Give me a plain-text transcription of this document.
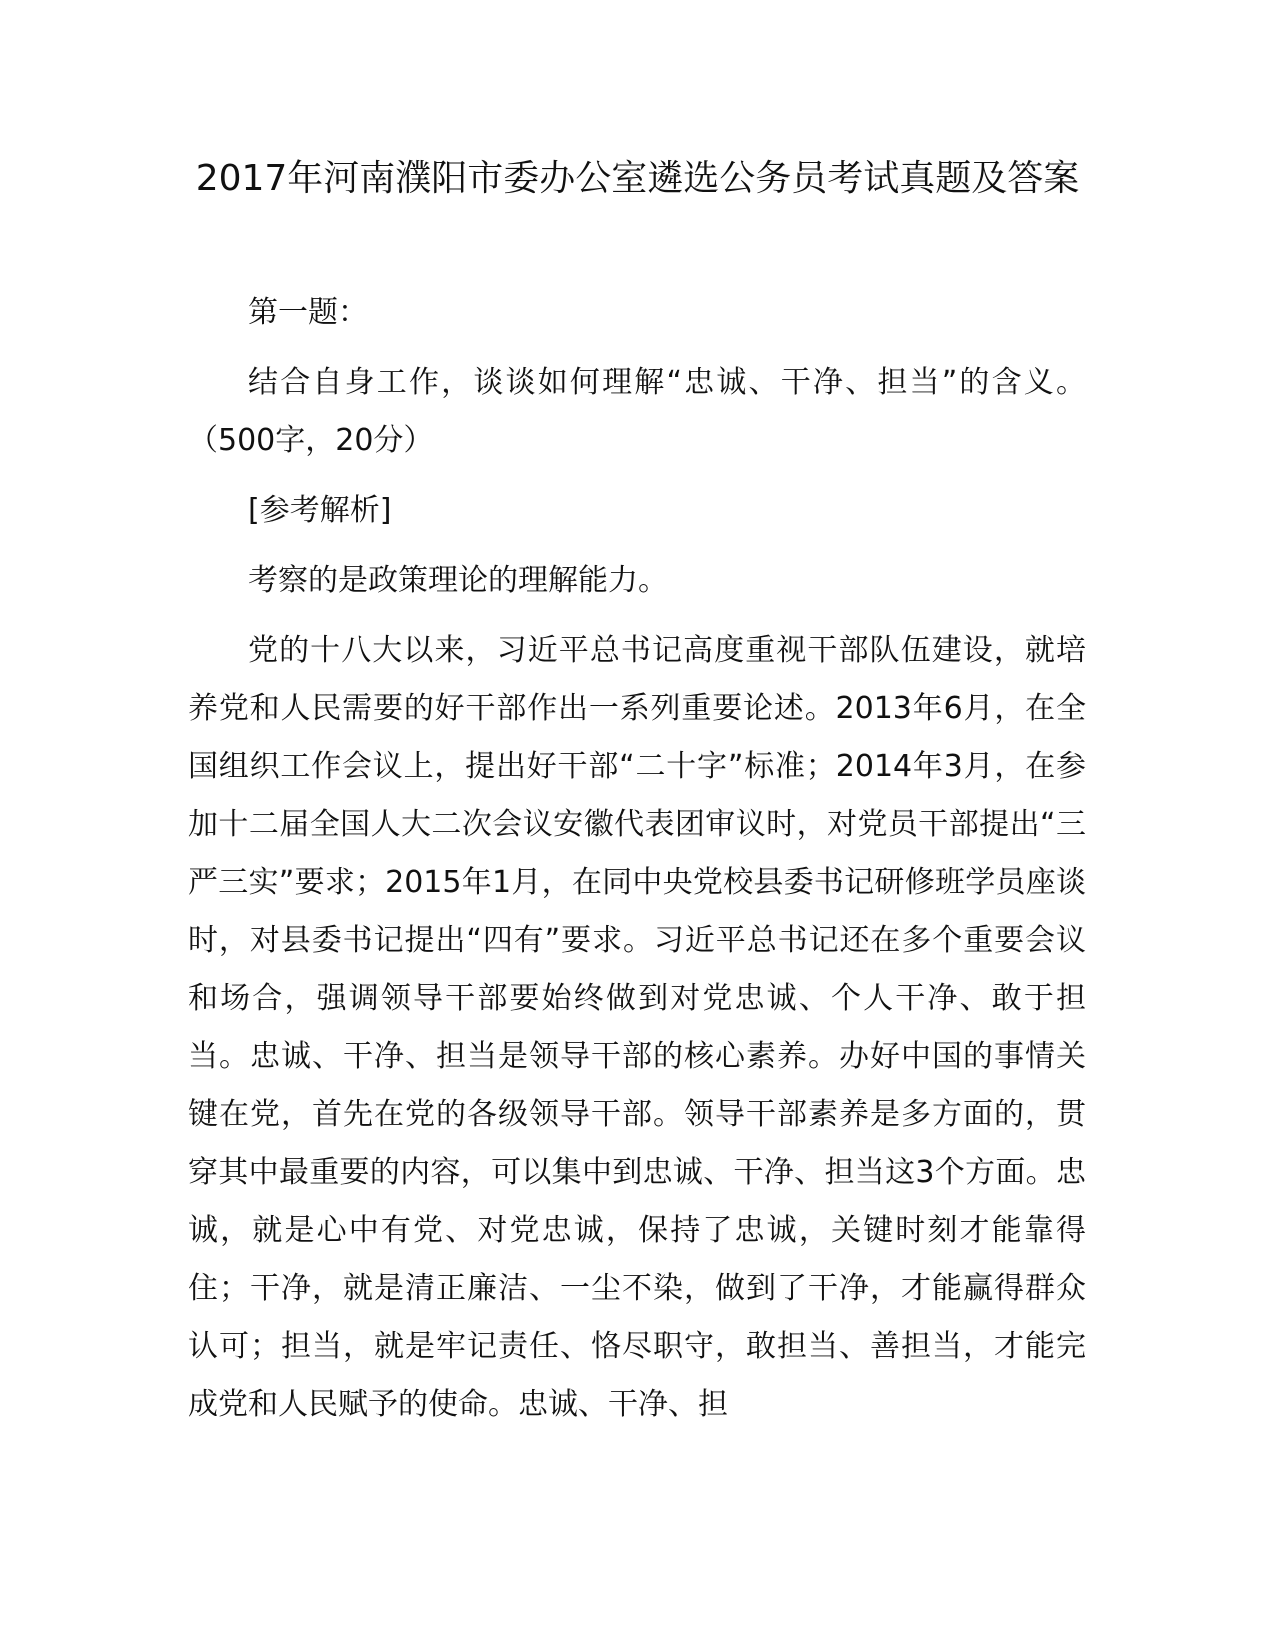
2017年河南濮阳市委办公室遴选公务员考试真题及答案

第一题：

结合自身工作，谈谈如何理解“忠诚、干净、担当”的含义。（500字，20分）

[参考解析]

考察的是政策理论的理解能力。

党的十八大以来，习近平总书记高度重视干部队伍建设，就培养党和人民需要的好干部作出一系列重要论述。2013年6月，在全国组织工作会议上，提出好干部“二十字”标准；2014年3月，在参加十二届全国人大二次会议安徽代表团审议时，对党员干部提出“三严三实”要求；2015年1月，在同中央党校县委书记研修班学员座谈时，对县委书记提出“四有”要求。习近平总书记还在多个重要会议和场合，强调领导干部要始终做到对党忠诚、个人干净、敢于担当。忠诚、干净、担当是领导干部的核心素养。办好中国的事情关键在党，首先在党的各级领导干部。领导干部素养是多方面的，贯穿其中最重要的内容，可以集中到忠诚、干净、担当这3个方面。忠诚，就是心中有党、对党忠诚，保持了忠诚，关键时刻才能靠得住；干净，就是清正廉洁、一尘不染，做到了干净，才能赢得群众认可；担当，就是牢记责任、恪尽职守，敢担当、善担当，才能完成党和人民赋予的使命。忠诚、干净、担
